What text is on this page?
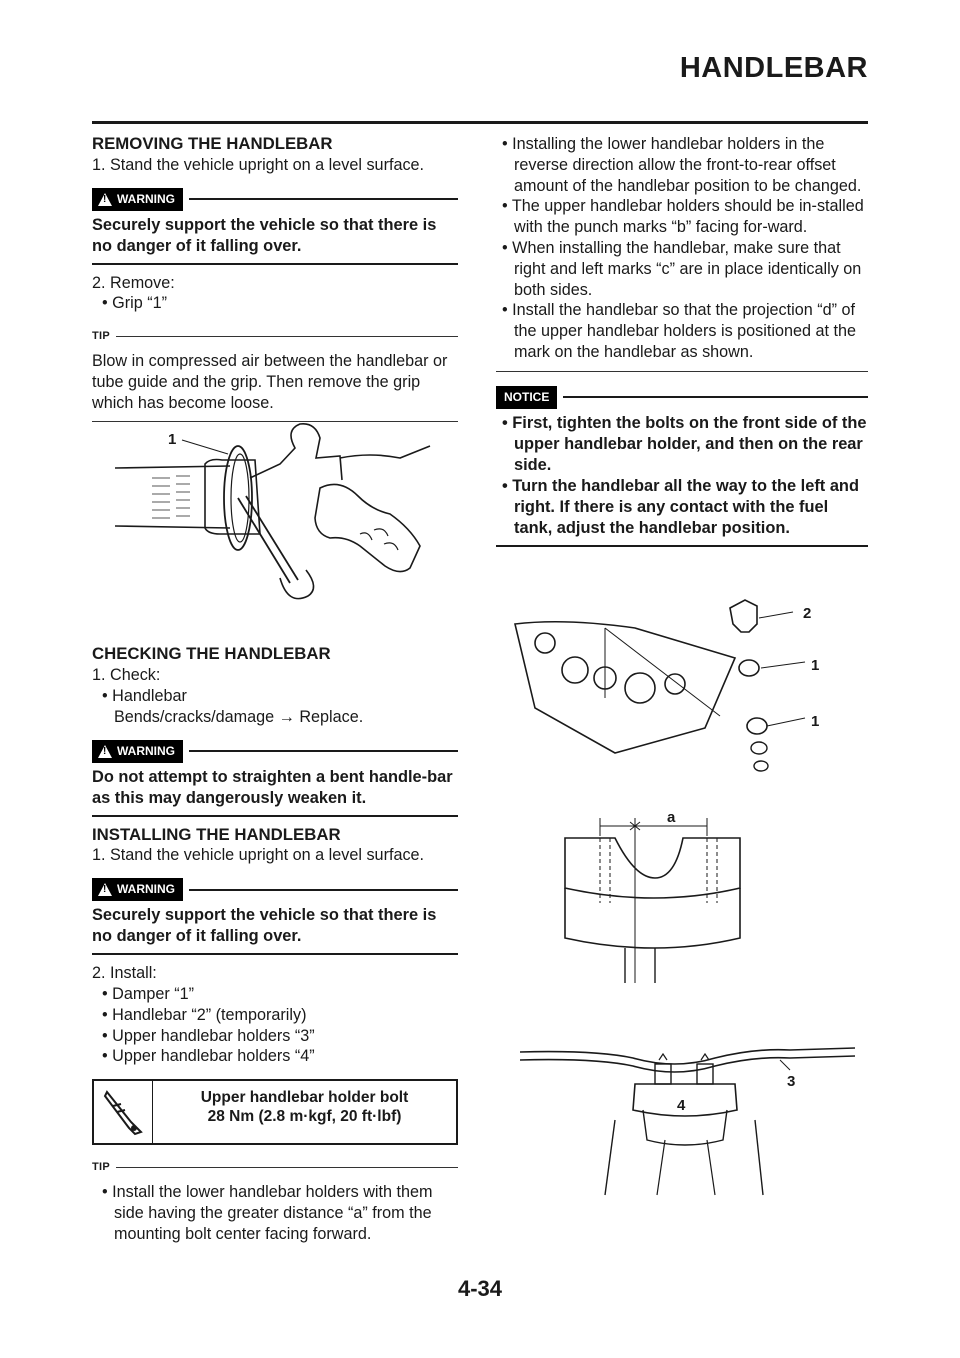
HANDLEBAR

REMOVING THE HANDLEBAR

1. Stand the vehicle upright on a level surface.

! WARNING

Securely support the vehicle so that there is no danger of it falling over.

2. Remove:

• Grip “1”

TIP

Blow in compressed air between the handlebar or tube guide and the grip. Then remove the grip which has become loose.

CHECKING THE HANDLEBAR

1. Check:

• Handlebar

Bends/cracks/damage → Replace.

! WARNING

Do not attempt to straighten a bent handle-bar as this may dangerously weaken it.

INSTALLING THE HANDLEBAR

1. Stand the vehicle upright on a level surface.

! WARNING

Securely support the vehicle so that there is no danger of it falling over.

2. Install:

• Damper “1”

• Handlebar “2” (temporarily)

• Upper handlebar holders “3”

• Upper handlebar holders “4”

Upper handlebar holder bolt
28 Nm (2.8 m·kgf, 20 ft·lbf)
TIP

• Install the lower handlebar holders with them side having the greater distance “a” from the mounting bolt center facing forward.

1

• Installing the lower handlebar holders in the reverse direction allow the front-to-rear offset amount of the handlebar position to be changed.

• The upper handlebar holders should be in-stalled with the punch marks “b” facing for-ward.

• When installing the handlebar, make sure that right and left marks “c” are in place identically on both sides.

• Install the handlebar so that the projection “d” of the upper handlebar holders is positioned at the mark on the handlebar as shown.

NOTICE

• First, tighten the bolts on the front side of the upper handlebar holder, and then on the rear side.

• Turn the handlebar all the way to the left and right. If there is any contact with the fuel tank, adjust the handlebar position.

2
1
1
a
3
4
4-34
